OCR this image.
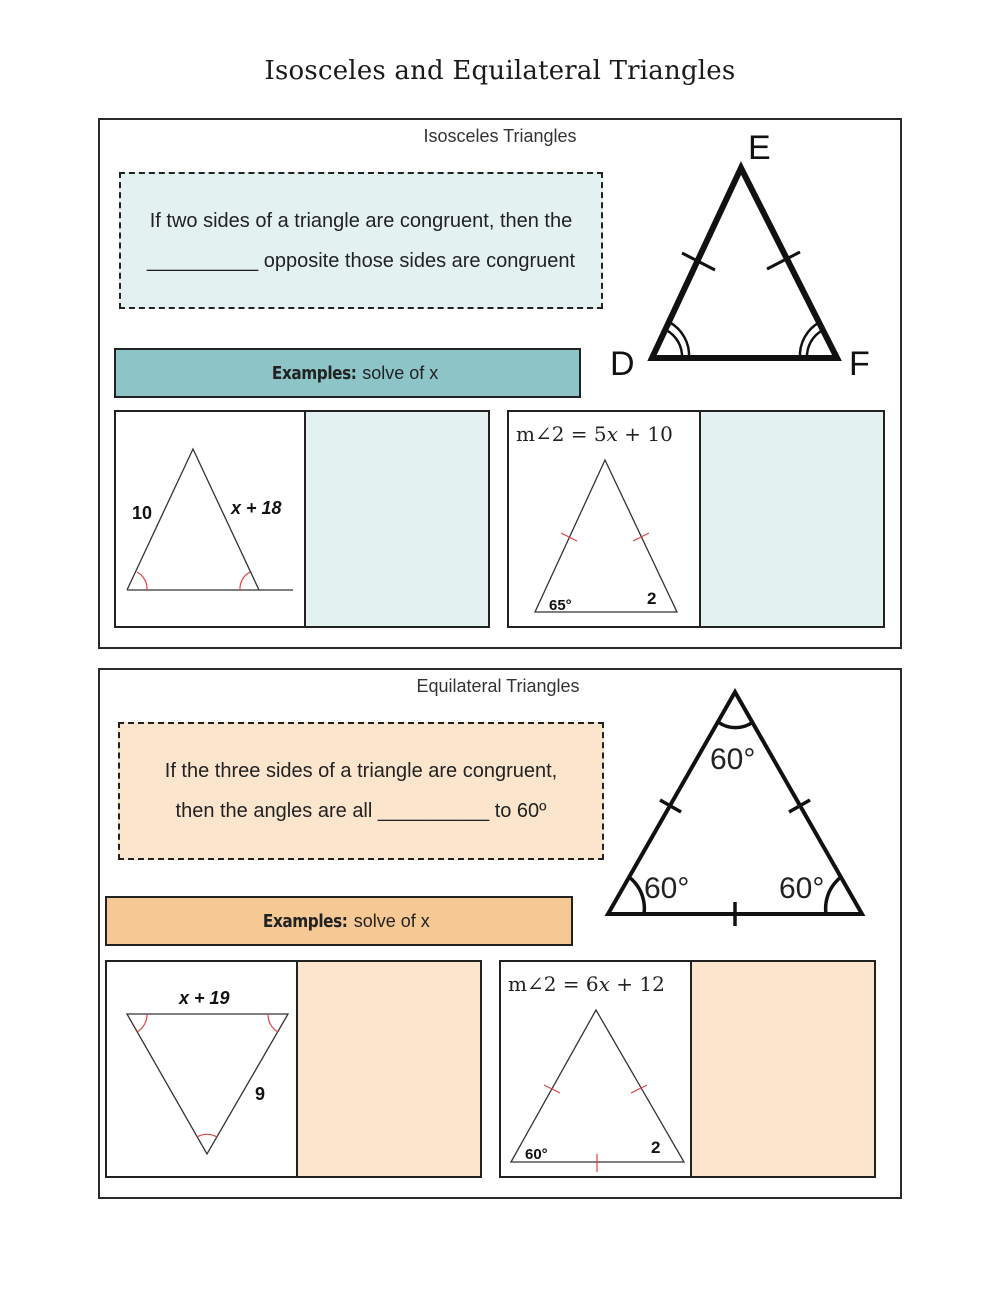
Isosceles and Equilateral Triangles
Isosceles Triangles
If two sides of a triangle are congruent, then the
__________ opposite those sides are congruent
E
D	F
Examples: solve of x
10	x + 18
m∠2 = 5x + 10
65°	2
Equilateral Triangles
If the three sides of a triangle are congruent,
then the angles are all __________ to 60º
60°
60°	60°
Examples: solve of x
x + 19
9
m∠2 = 6x + 12
60°	2
